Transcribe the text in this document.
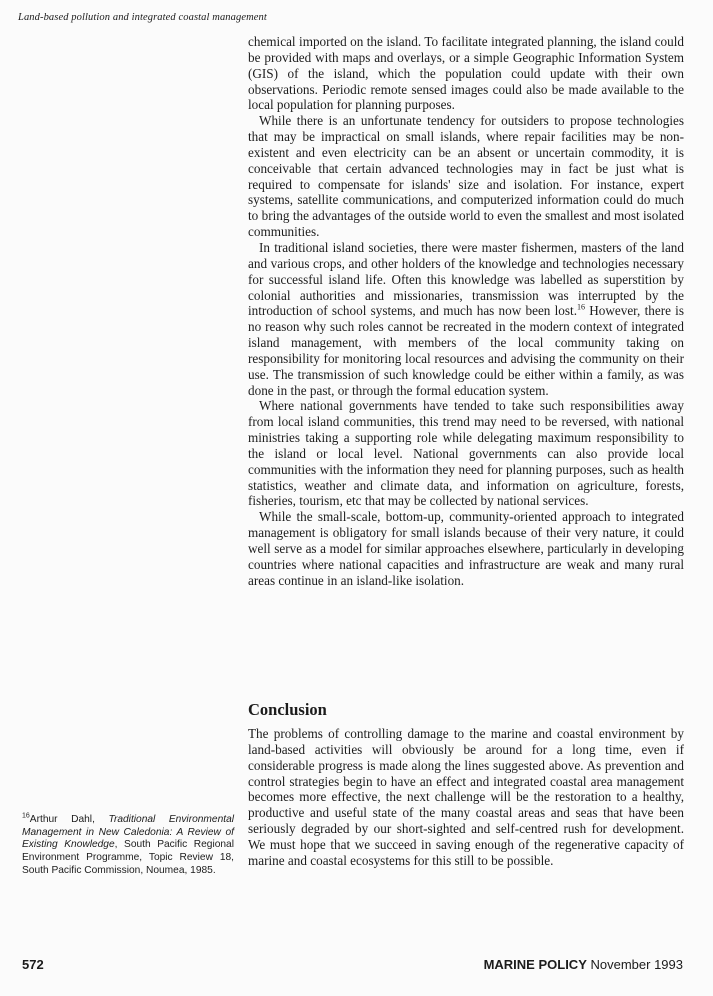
Land-based pollution and integrated coastal management

chemical imported on the island. To facilitate integrated planning, the island could be provided with maps and overlays, or a simple Geographic Information System (GIS) of the island, which the population could update with their own observations. Periodic remote sensed images could also be made available to the local population for planning purposes.

While there is an unfortunate tendency for outsiders to propose technologies that may be impractical on small islands, where repair facilities may be non-existent and even electricity can be an absent or uncertain commodity, it is conceivable that certain advanced technologies may in fact be just what is required to compensate for islands' size and isolation. For instance, expert systems, satellite communications, and computerized information could do much to bring the advantages of the outside world to even the smallest and most isolated communities.

In traditional island societies, there were master fishermen, masters of the land and various crops, and other holders of the knowledge and technologies necessary for successful island life. Often this knowledge was labelled as superstition by colonial authorities and missionaries, transmission was interrupted by the introduction of school systems, and much has now been lost.$^{16}$ However, there is no reason why such roles cannot be recreated in the modern context of integrated island management, with members of the local community taking on responsibility for monitoring local resources and advising the community on their use. The transmission of such knowledge could be either within a family, as was done in the past, or through the formal education system.

Where national governments have tended to take such responsibilities away from local island communities, this trend may need to be reversed, with national ministries taking a supporting role while delegating maximum responsibility to the island or local level. National governments can also provide local communities with the information they need for planning purposes, such as health statistics, weather and climate data, and information on agriculture, forests, fisheries, tourism, etc that may be collected by national services.

While the small-scale, bottom-up, community-oriented approach to integrated management is obligatory for small islands because of their very nature, it could well serve as a model for similar approaches elsewhere, particularly in developing countries where national capacities and infrastructure are weak and many rural areas continue in an island-like isolation.

Conclusion

The problems of controlling damage to the marine and coastal environment by land-based activities will obviously be around for a long time, even if considerable progress is made along the lines suggested above. As prevention and control strategies begin to have an effect and integrated coastal area management becomes more effective, the next challenge will be the restoration to a healthy, productive and useful state of the many coastal areas and seas that have been seriously degraded by our short-sighted and self-centred rush for development. We must hope that we succeed in saving enough of the regenerative capacity of marine and coastal ecosystems for this still to be possible.

$^{16}$Arthur Dahl, Traditional Environmental Management in New Caledonia: A Review of Existing Knowledge, South Pacific Regional Environment Programme, Topic Review 18, South Pacific Commission, Noumea, 1985.
572	MARINE POLICY November 1993
